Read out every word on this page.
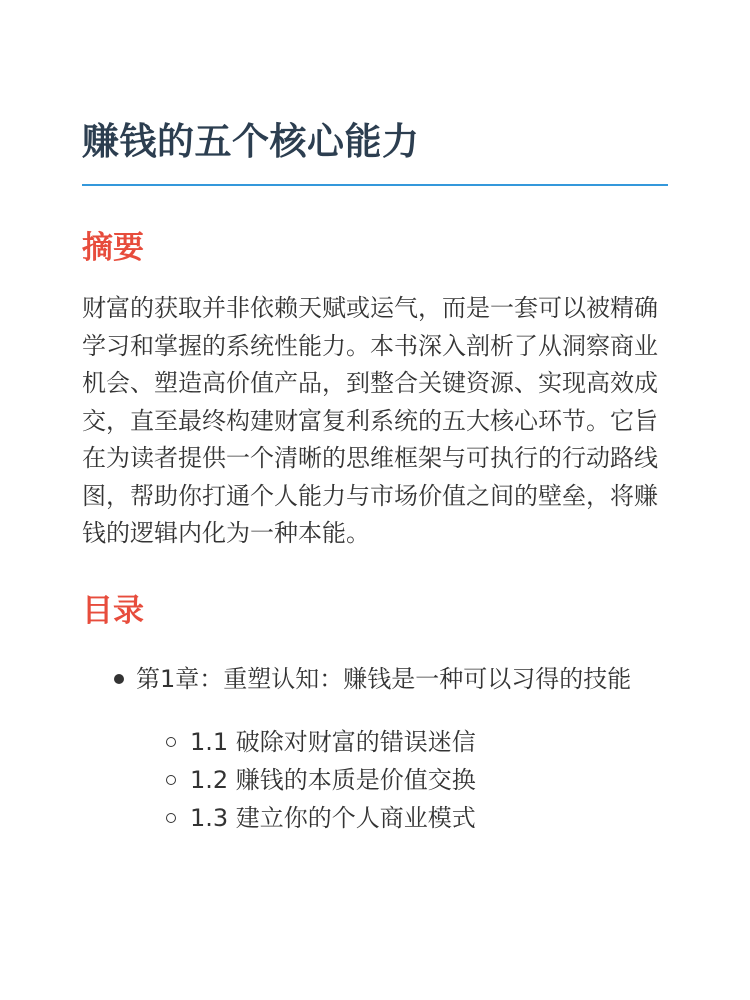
赚钱的五个核心能力
摘要

财富的获取并非依赖天赋或运气，而是一套可以被精确学习和掌握的系统性能力。本书深入剖析了从洞察商业机会、塑造高价值产品，到整合关键资源、实现高效成交，直至最终构建财富复利系统的五大核心环节。它旨在为读者提供一个清晰的思维框架与可执行的行动路线图，帮助你打通个人能力与市场价值之间的壁垒，将赚钱的逻辑内化为一种本能。

目录
第1章：重塑认知：赚钱是一种可以习得的技能
1.1 破除对财富的错误迷信
1.2 赚钱的本质是价值交换
1.3 建立你的个人商业模式
